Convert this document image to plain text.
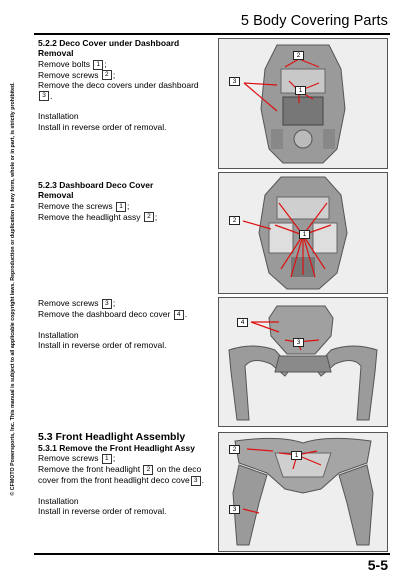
5 Body Covering Parts
© CFMOTO Powersports, Inc. This manual is subject to all applicable copyright laws. Reproduction or duplication in any form, whole or in part, is strictly prohibited.

5.2.2 Deco Cover under Dashboard

Removal

Remove bolts 1 ;

Remove screws 2 ;

Remove the deco covers under dashboard

3 .

Installation

Install in reverse order of removal.

5.2.3 Dashboard Deco Cover

Removal

Remove the screws 1 ;

Remove the headlight assy 2 ;

Remove screws 3 ;

Remove the dashboard deco cover 4 .

Installation

Install in reverse order of removal.

5.3 Front Headlight Assembly

5.3.1 Remove the Front Headlight Assy

Remove screws 1 ;

Remove the front headlight 2 on the deco

cover from the front headlight deco cove 3 .

Installation

Install in reverse order of removal.

2
3
1
2
1
4
3
2
1
3
5-5
